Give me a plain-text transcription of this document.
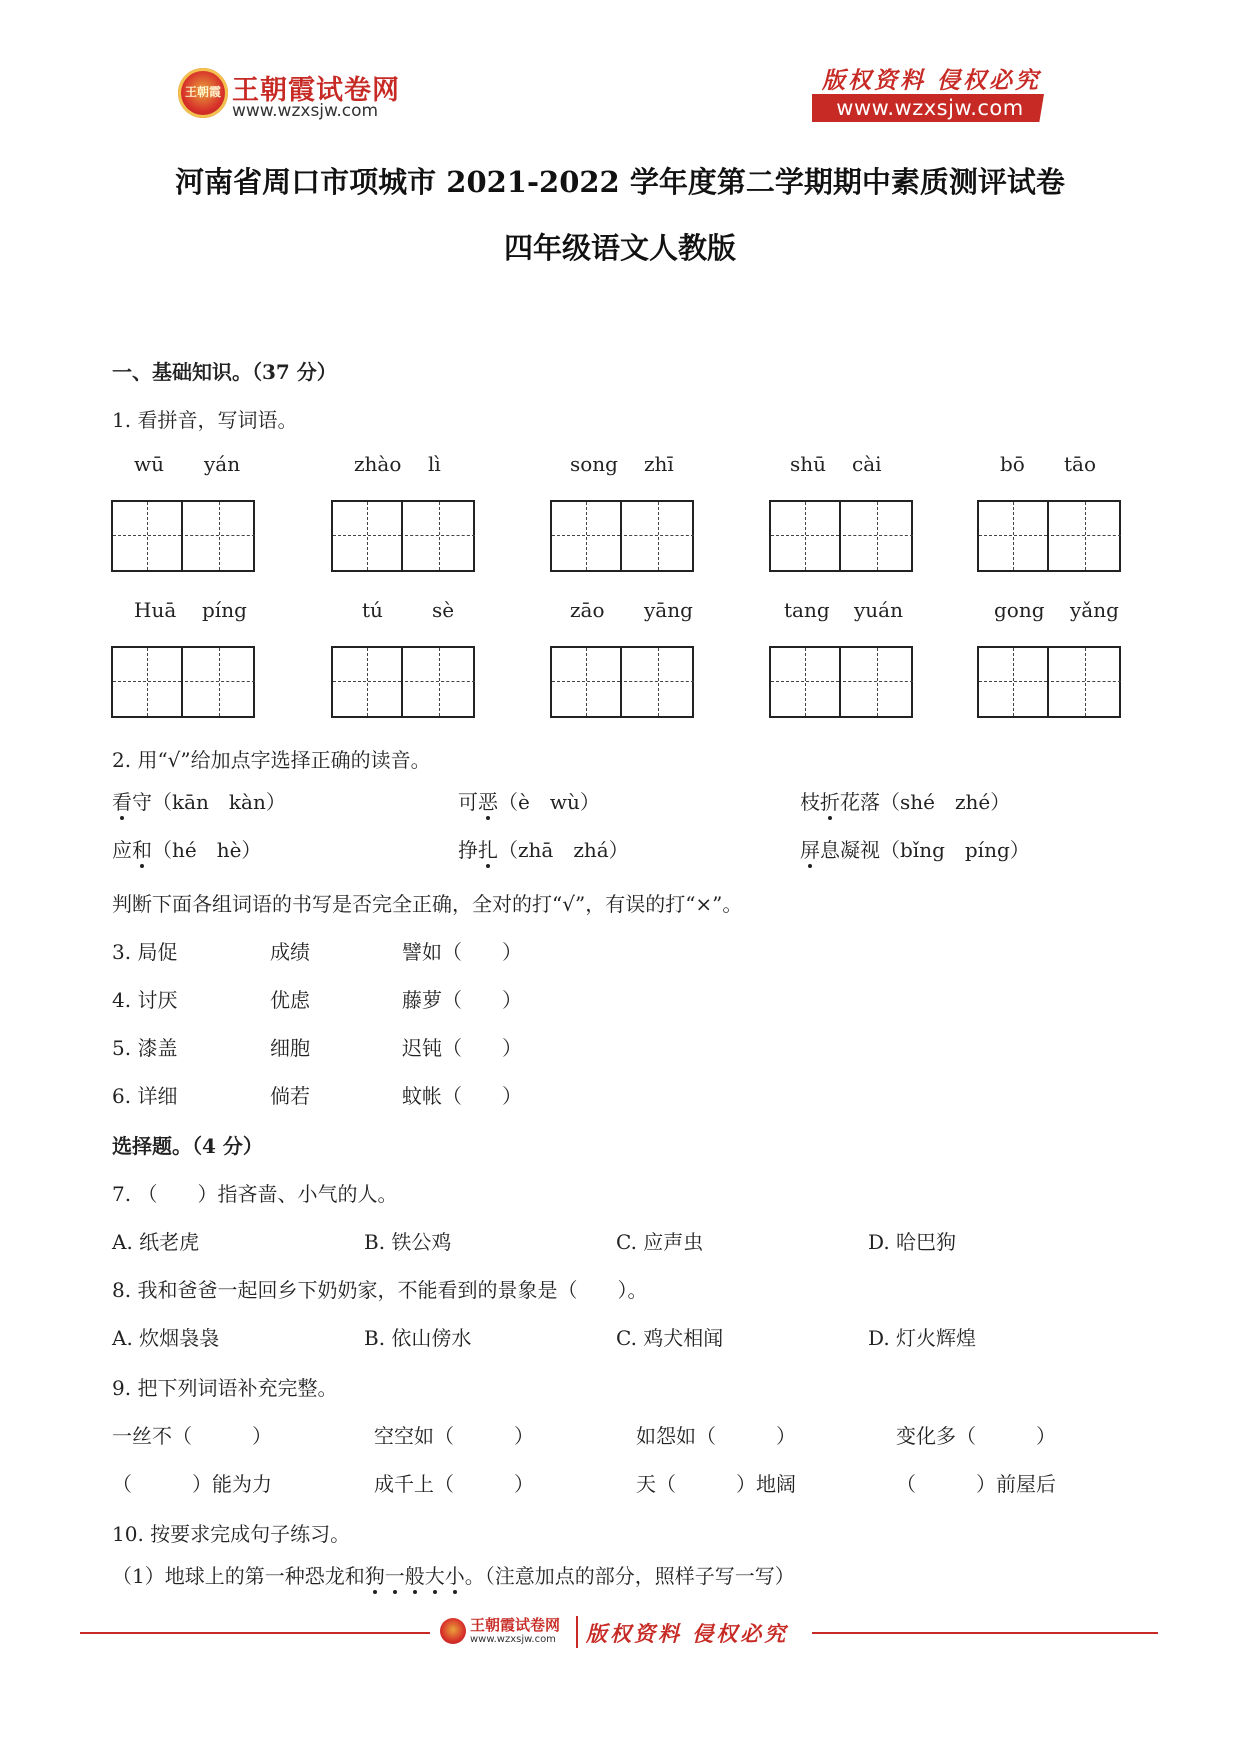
王朝霞 王朝霞试卷网
www.wzxsjw.com
版权资料 侵权必究
www.wzxsjw.com
河南省周口市项城市 2021-2022 学年度第二学期期中素质测评试卷
四年级语文人教版
一、基础知识。（37 分）
1. 看拼音，写词语。
wū yán	zhào lì	song zhī	shū cài	bō tāo
Huā píng	tú sè	zāo yāng	tang yuán	gong yǎng
2. 用“√”给加点字选择正确的读音。
看守（kān　kàn）	可恶（è　wù）	枝折花落（shé　zhé）
应和（hé　hè）	挣扎（zhā　zhá）	屏息凝视（bǐng　píng）
判断下面各组词语的书写是否完全正确，全对的打“√”，有误的打“×”。
3. 局促	成绩	譬如（　　）
4. 讨厌	优虑	藤萝（　　）
5. 漆盖	细胞	迟钝（　　）
6. 详细	倘若	蚊帐（　　）
选择题。（4 分）
7. （　　）指吝啬、小气的人。
A. 纸老虎	B. 铁公鸡	C. 应声虫	D. 哈巴狗
8. 我和爸爸一起回乡下奶奶家，不能看到的景象是（　　）。
A. 炊烟袅袅	B. 依山傍水	C. 鸡犬相闻	D. 灯火辉煌
9. 把下列词语补充完整。
一丝不（　　　）	空空如（　　　）	如怨如（　　　）	变化多（　　　）
（　　　）能为力	成千上（　　　）	天（　　　）地阔	（　　　）前屋后
10. 按要求完成句子练习。
（1）地球上的第一种恐龙和狗一般大小。（注意加点的部分，照样子写一写）
王朝霞试卷网
www.wzxsjw.com 版权资料 侵权必究
